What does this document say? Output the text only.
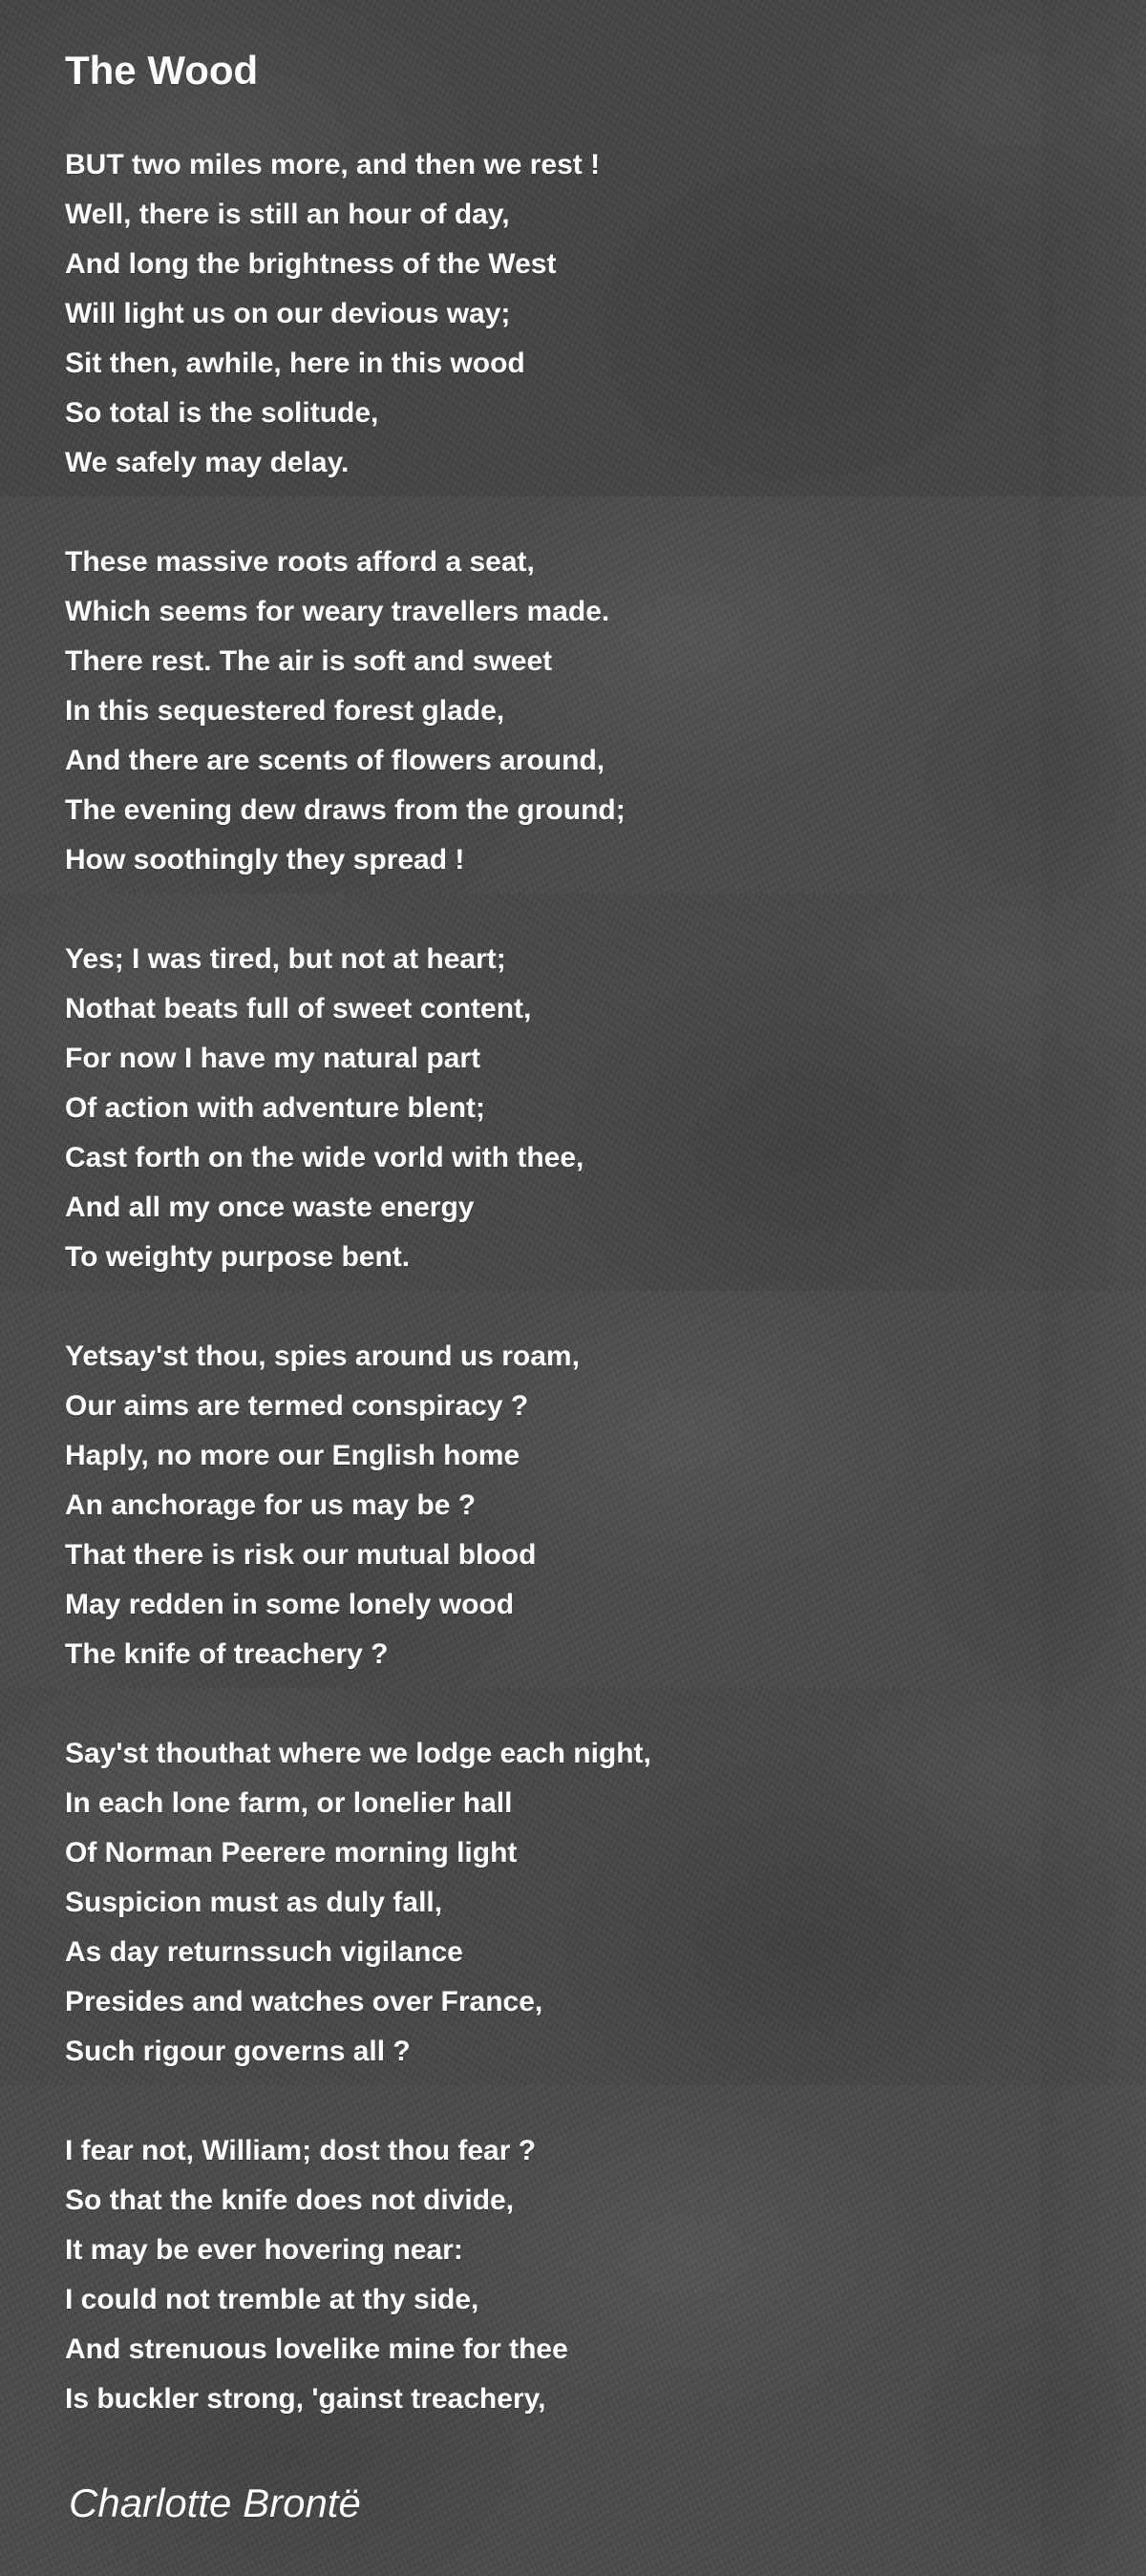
The Wood
BUT two miles more, and then we rest !
Well, there is still an hour of day,
And long the brightness of the West
Will light us on our devious way;
Sit then, awhile, here in this wood
So total is the solitude,
We safely may delay.
These massive roots afford a seat,
Which seems for weary travellers made.
There rest. The air is soft and sweet
In this sequestered forest glade,
And there are scents of flowers around,
The evening dew draws from the ground;
How soothingly they spread !
Yes; I was tired, but not at heart;
Nothat beats full of sweet content,
For now I have my natural part
Of action with adventure blent;
Cast forth on the wide vorld with thee,
And all my once waste energy
To weighty purpose bent.
Yetsay'st thou, spies around us roam,
Our aims are termed conspiracy ?
Haply, no more our English home
An anchorage for us may be ?
That there is risk our mutual blood
May redden in some lonely wood
The knife of treachery ?
Say'st thouthat where we lodge each night,
In each lone farm, or lonelier hall
Of Norman Peerere morning light
Suspicion must as duly fall,
As day returnssuch vigilance
Presides and watches over France,
Such rigour governs all ?
I fear not, William; dost thou fear ?
So that the knife does not divide,
It may be ever hovering near:
I could not tremble at thy side,
And strenuous lovelike mine for thee
Is buckler strong, 'gainst treachery,
Charlotte Brontë
